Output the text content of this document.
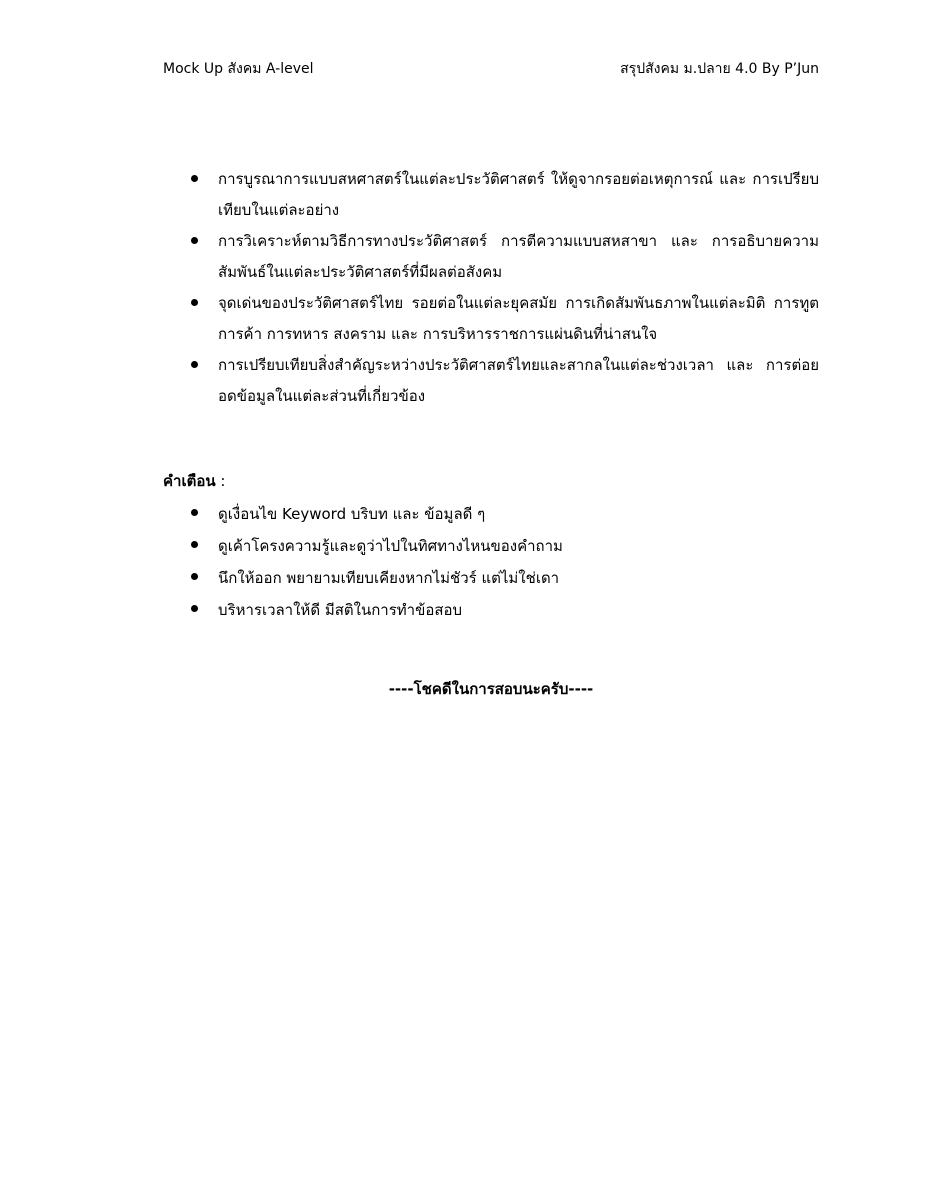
Mock Up สังคม A-level	สรุปสังคม ม.ปลาย 4.0 By P’Jun
การบูรณาการแบบสหศาสตร์ในแต่ละประวัติศาสตร์ ให้ดูจากรอยต่อเหตุการณ์ และ การเปรียบเทียบในแต่ละอย่าง
การวิเคราะห์ตามวิธีการทางประวัติศาสตร์ การตีความแบบสหสาขา และ การอธิบายความสัมพันธ์ในแต่ละประวัติศาสตร์ที่มีผลต่อสังคม
จุดเด่นของประวัติศาสตร์ไทย รอยต่อในแต่ละยุคสมัย การเกิดสัมพันธภาพในแต่ละมิติ การทูต การค้า การทหาร สงคราม และ การบริหารราชการแผ่นดินที่น่าสนใจ
การเปรียบเทียบสิ่งสำคัญระหว่างประวัติศาสตร์ไทยและสากลในแต่ละช่วงเวลา และ การต่อยอดข้อมูลในแต่ละส่วนที่เกี่ยวข้อง
คำเตือน :
ดูเงื่อนไข Keyword บริบท และ ข้อมูลดี ๆ
ดูเค้าโครงความรู้และดูว่าไปในทิศทางไหนของคำถาม
นึกให้ออก พยายามเทียบเคียงหากไม่ชัวร์ แต่ไม่ใช่เดา
บริหารเวลาให้ดี มีสติในการทำข้อสอบ
----โชคดีในการสอบนะครับ----
